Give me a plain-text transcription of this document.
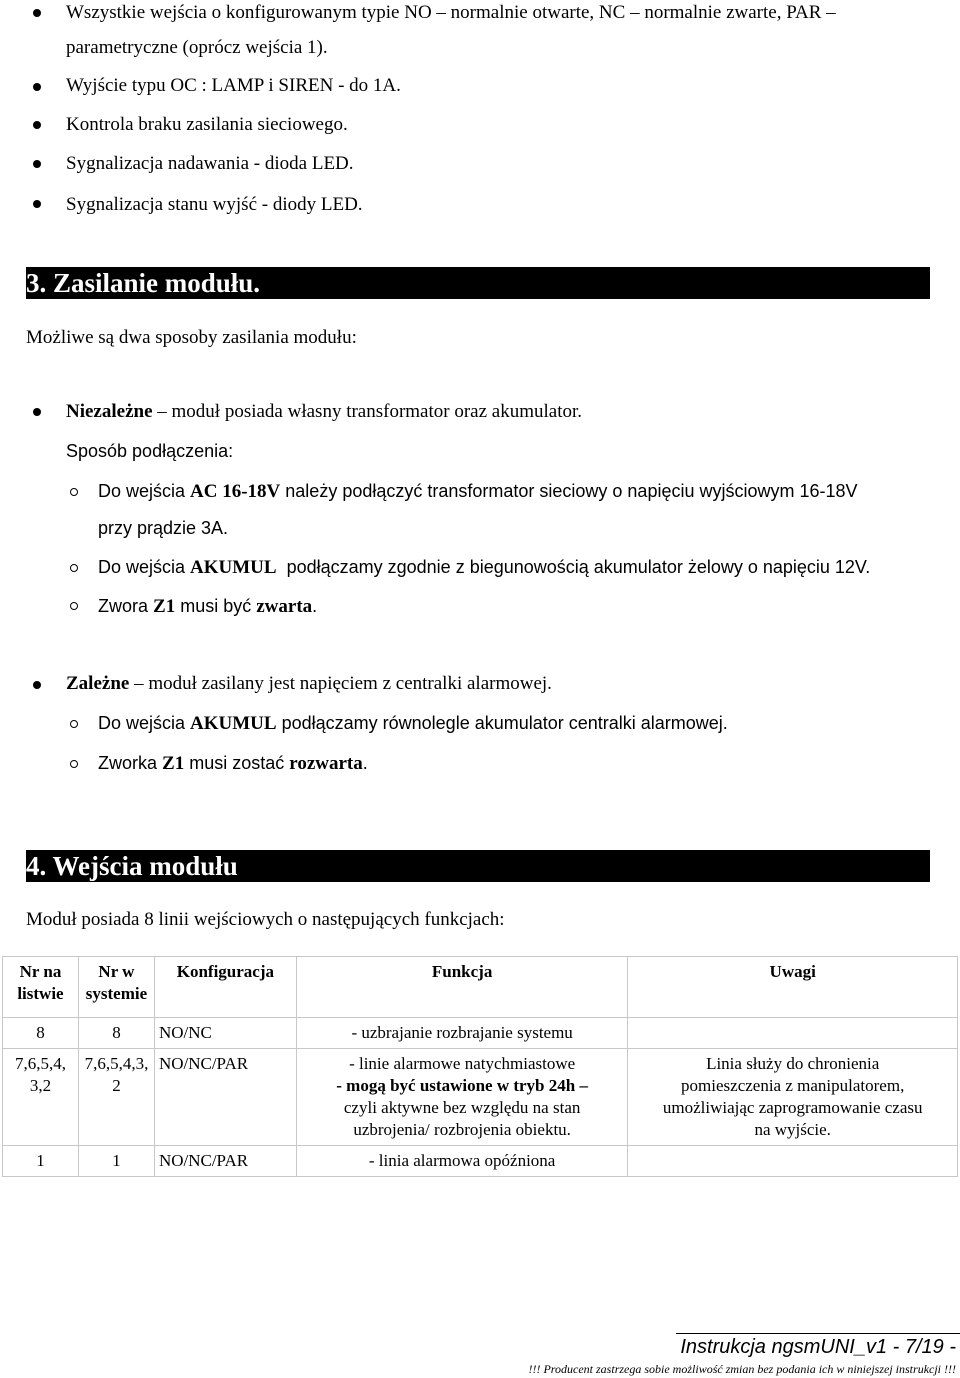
Wszystkie wejścia o konfigurowanym typie NO – normalnie otwarte, NC – normalnie zwarte, PAR –
parametryczne (oprócz wejścia 1).
Wyjście typu OC : LAMP i SIREN - do 1A.
Kontrola braku zasilania sieciowego.
Sygnalizacja nadawania - dioda LED.
Sygnalizacja stanu wyjść - diody LED.
3. Zasilanie modułu.
Możliwe są dwa sposoby zasilania modułu:
Niezależne – moduł posiada własny transformator oraz akumulator.
Sposób podłączenia:
Do wejścia AC 16-18V należy podłączyć transformator sieciowy o napięciu wyjściowym 16-18V
przy prądzie 3A.
Do wejścia AKUMUL  podłączamy zgodnie z biegunowością akumulator żelowy o napięciu 12V.
Zwora Z1 musi być zwarta.
Zależne – moduł zasilany jest napięciem z centralki alarmowej.
Do wejścia AKUMUL podłączamy równolegle akumulator centralki alarmowej.
Zworka Z1 musi zostać rozwarta.
4. Wejścia modułu
Moduł posiada 8 linii wejściowych o następujących funkcjach:
Nr na
listwie	Nr w
systemie	Konfiguracja	Funkcja	Uwagi
8	8	NO/NC	- uzbrajanie rozbrajanie systemu	
7,6,5,4,
3,2	7,6,5,4,3,
2	NO/NC/PAR	- linie alarmowe natychmiastowe
- mogą być ustawione w tryb 24h –
czyli aktywne bez względu na stan
uzbrojenia/ rozbrojenia obiektu.	Linia służy do chronienia
pomieszczenia z manipulatorem,
umożliwiając zaprogramowanie czasu
na wyjście.
1	1	NO/NC/PAR	- linia alarmowa opóźniona	
Instrukcja ngsmUNI_v1 - 7/19 -
!!! Producent zastrzega sobie możliwość zmian bez podania ich w niniejszej instrukcji !!!
